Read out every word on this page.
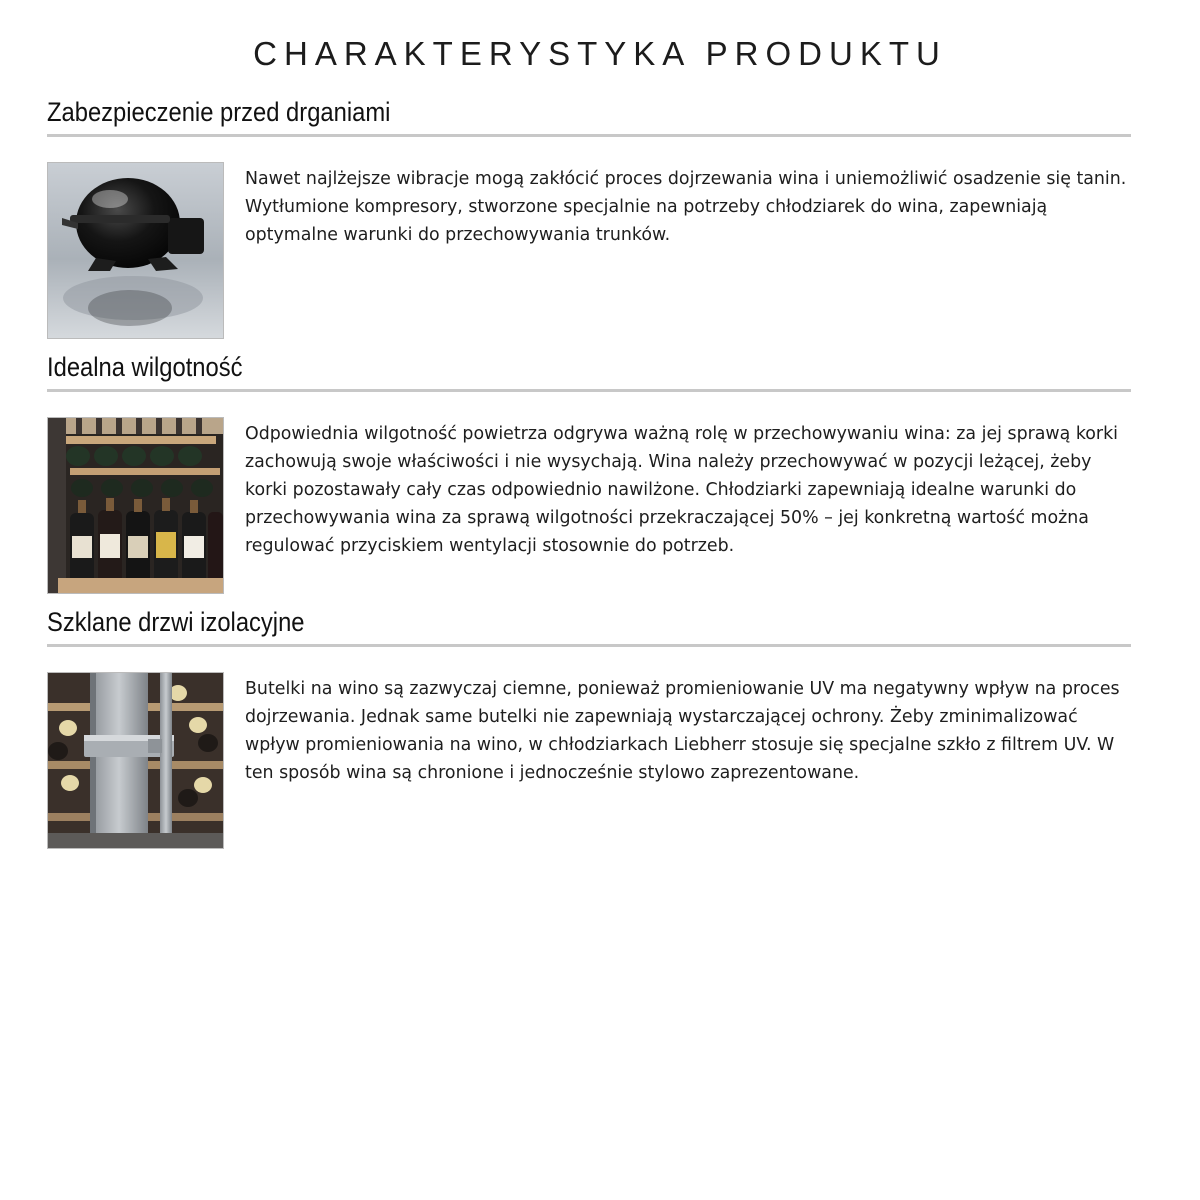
CHARAKTERYSTYKA PRODUKTU
Zabezpieczenie przed drganiami

Nawet najlżejsze wibracje mogą zakłócić proces dojrzewania wina i uniemożliwić osadzenie się tanin. Wytłumione kompresory, stworzone specjalnie na potrzeby chłodziarek do wina, zapewniają optymalne warunki do przechowywania trunków.

Idealna wilgotność

Odpowiednia wilgotność powietrza odgrywa ważną rolę w przechowywaniu wina: za jej sprawą korki zachowują swoje właściwości i nie wysychają. Wina należy przechowywać w pozycji leżącej, żeby korki pozostawały cały czas odpowiednio nawilżone. Chłodziarki zapewniają idealne warunki do przechowywania wina za sprawą wilgotności przekraczającej 50% – jej konkretną wartość można regulować przyciskiem wentylacji stosownie do potrzeb.

Szklane drzwi izolacyjne

Butelki na wino są zazwyczaj ciemne, ponieważ promieniowanie UV ma negatywny wpływ na proces dojrzewania. Jednak same butelki nie zapewniają wystarczającej ochrony. Żeby zminimalizować wpływ promieniowania na wino, w chłodziarkach Liebherr stosuje się specjalne szkło z filtrem UV. W ten sposób wina są chronione i jednocześnie stylowo zaprezentowane.
